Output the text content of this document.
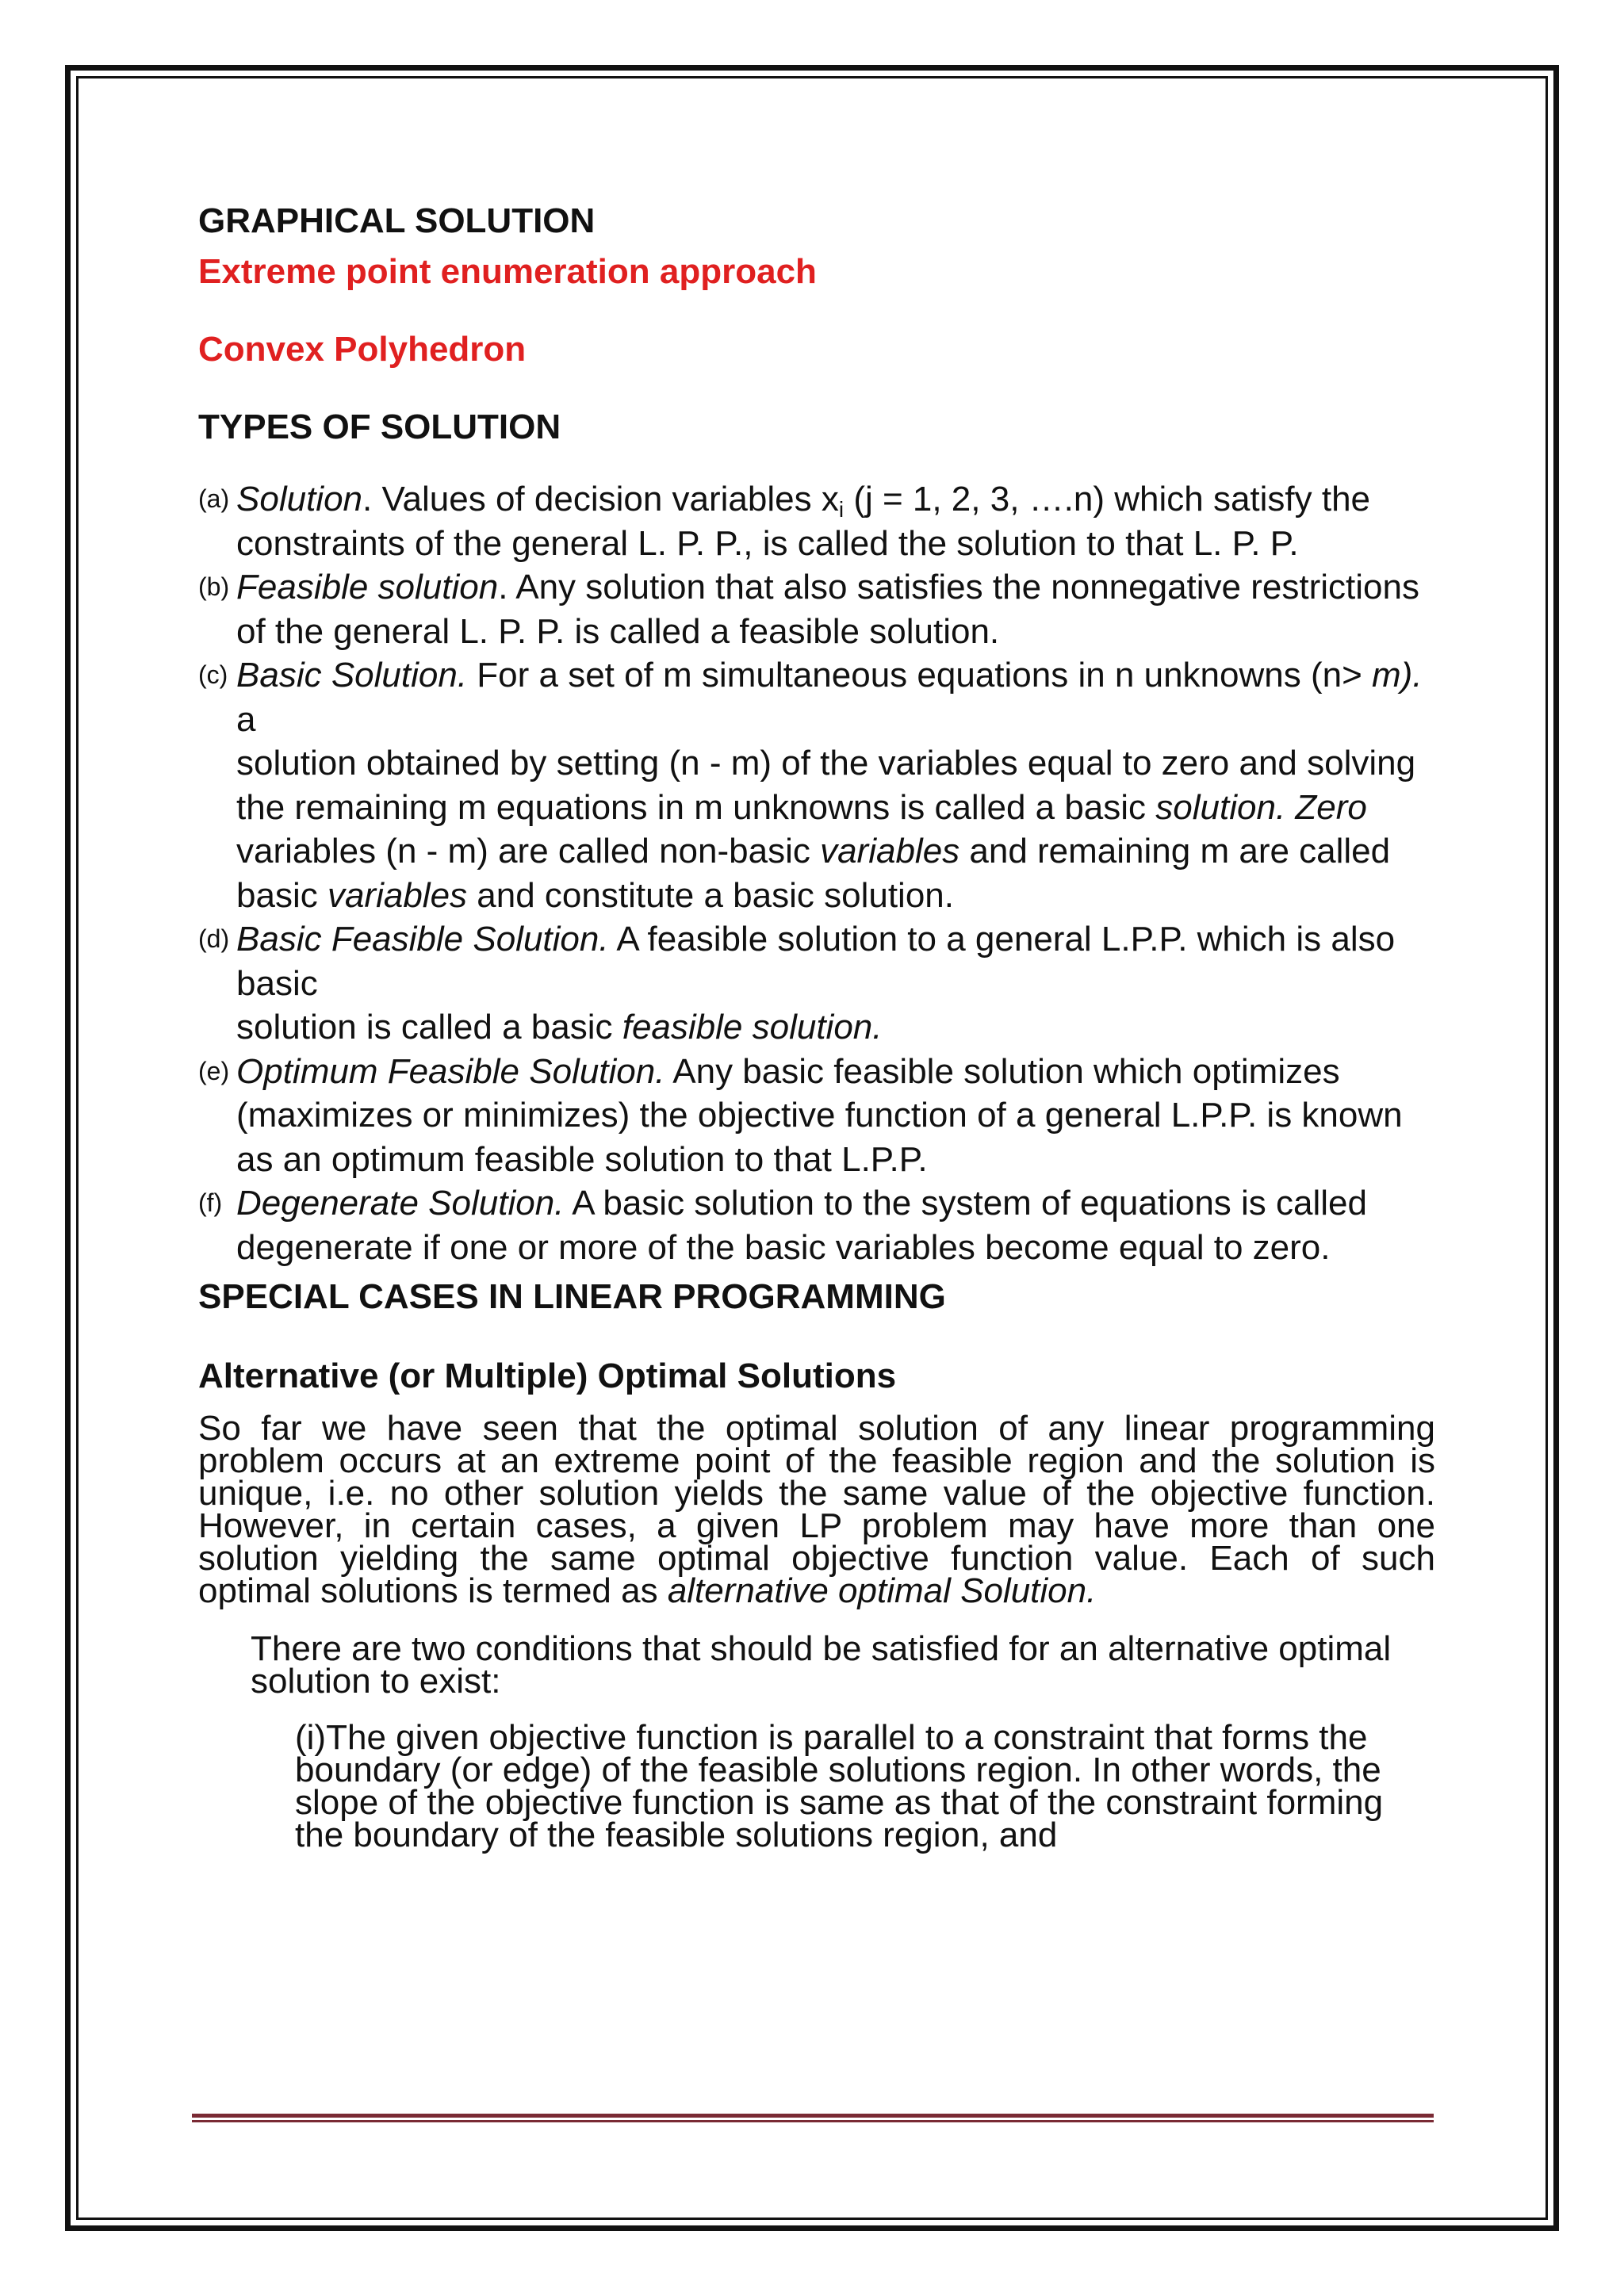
GRAPHICAL SOLUTION
Extreme point enumeration approach
Convex Polyhedron
TYPES OF SOLUTION
(a) Solution. Values of decision variables $x_i$ (j = 1, 2, 3, ….n) which satisfy the constraints of the general L. P. P., is called the solution to that L. P. P.
(b) Feasible solution. Any solution that also satisfies the nonnegative restrictions of the general L. P. P. is called a feasible solution.
(c) Basic Solution. For a set of m simultaneous equations in n unknowns (n> m). a
solution obtained by setting (n - m) of the variables equal to zero and solving the remaining m equations in m unknowns is called a basic solution. Zero variables (n - m) are called non-basic variables and remaining m are called basic variables and constitute a basic solution.
(d) Basic Feasible Solution. A feasible solution to a general L.P.P. which is also basic
solution is called a basic feasible solution.
(e) Optimum Feasible Solution. Any basic feasible solution which optimizes (maximizes or minimizes) the objective function of a general L.P.P. is known as an optimum feasible solution to that L.P.P.
(f) Degenerate Solution. A basic solution to the system of equations is called degenerate if one or more of the basic variables become equal to zero.
SPECIAL CASES IN LINEAR PROGRAMMING
Alternative (or Multiple) Optimal Solutions

So far we have seen that the optimal solution of any linear programming problem occurs at an extreme point of the feasible region and the solution is unique, i.e. no other solution yields the same value of the objective function. However, in certain cases, a given LP problem may have more than one solution yielding the same optimal objective function value. Each of such optimal solutions is termed as alternative optimal Solution.

There are two conditions that should be satisfied for an alternative optimal solution to exist:

(i)The given objective function is parallel to a constraint that forms the boundary (or edge) of the feasible solutions region. In other words, the slope of the objective function is same as that of the constraint forming the boundary of the feasible solutions region, and
